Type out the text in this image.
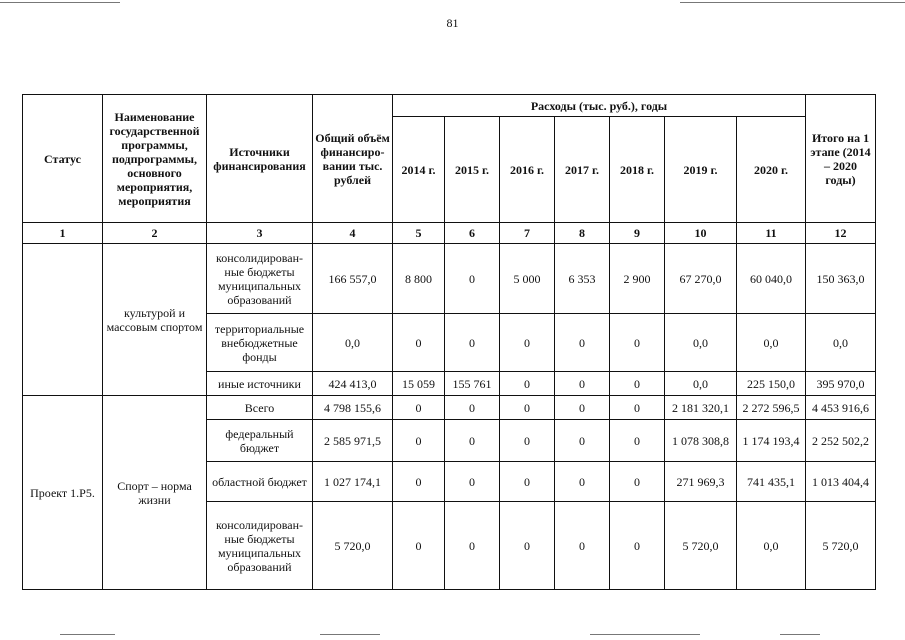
81
Статус	Наименование государственной программы, подпрограммы, основного мероприятия, мероприятия	Источники финансирования	Общий объём финансиро- вании тыс. рублей	Расходы (тыс. руб.), годы							Итого на 1 этапе (2014 – 2020 годы)
				2014 г.	2015 г.	2016 г.	2017 г.	2018 г.	2019 г.	2020 г.	
1	2	3	4	5	6	7	8	9	10	11	12
	культурой и массовым спортом	консолидирован- ные бюджеты муниципальных образований	166 557,0	8 800	0	5 000	6 353	2 900	67 270,0	60 040,0	150 363,0
		территориальные внебюджетные фонды	0,0	0	0	0	0	0	0,0	0,0	0,0
		иные источники	424 413,0	15 059	155 761	0	0	0	0,0	225 150,0	395 970,0
Проект 1.Р5.	Спорт – норма жизни	Всего	4 798 155,6	0	0	0	0	0	2 181 320,1	2 272 596,5	4 453 916,6
		федеральный бюджет	2 585 971,5	0	0	0	0	0	1 078 308,8	1 174 193,4	2 252 502,2
		областной бюджет	1 027 174,1	0	0	0	0	0	271 969,3	741 435,1	1 013 404,4
		консолидирован- ные бюджеты муниципальных образований	5 720,0	0	0	0	0	0	5 720,0	0,0	5 720,0
